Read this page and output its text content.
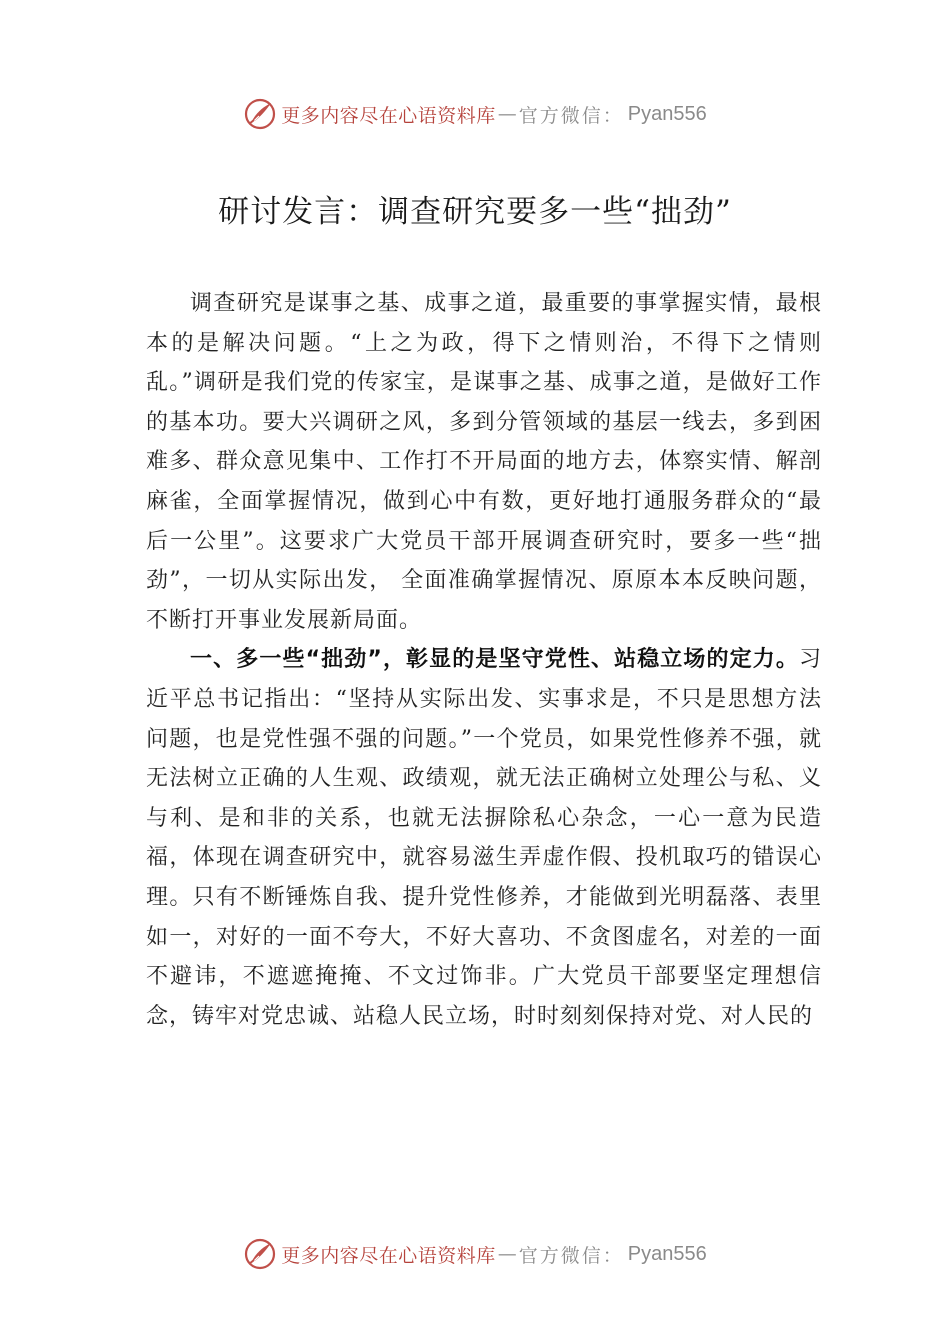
更多内容尽在心语资料库 — 官方微信： Pyan556
研讨发言：调查研究要多一些“拙劲”

调查研究是谋事之基、成事之道，最重要的事掌握实情，最根本的是解决问题。“上之为政，得下之情则治，不得下之情则乱。”调研是我们党的传家宝，是谋事之基、成事之道，是做好工作的基本功。要大兴调研之风，多到分管领域的基层一线去，多到困难多、群众意见集中、工作打不开局面的地方去，体察实情、解剖麻雀，全面掌握情况，做到心中有数，更好地打通服务群众的“最后一公里”。这要求广大党员干部开展调查研究时，要多一些“拙劲”，一切从实际出发， 全面准确掌握情况、原原本本反映问题，不断打开事业发展新局面。

一、多一些“拙劲”，彰显的是坚守党性、站稳立场的定力。习近平总书记指出：“坚持从实际出发、实事求是，不只是思想方法问题，也是党性强不强的问题。”一个党员，如果党性修养不强，就无法树立正确的人生观、政绩观，就无法正确树立处理公与私、义与利、是和非的关系，也就无法摒除私心杂念，一心一意为民造福，体现在调查研究中，就容易滋生弄虚作假、投机取巧的错误心理。只有不断锤炼自我、提升党性修养，才能做到光明磊落、表里如一，对好的一面不夸大，不好大喜功、不贪图虚名，对差的一面不避讳，不遮遮掩掩、不文过饰非。广大党员干部要坚定理想信念，铸牢对党忠诚、站稳人民立场，时时刻刻保持对党、对人民的

更多内容尽在心语资料库 — 官方微信： Pyan556
